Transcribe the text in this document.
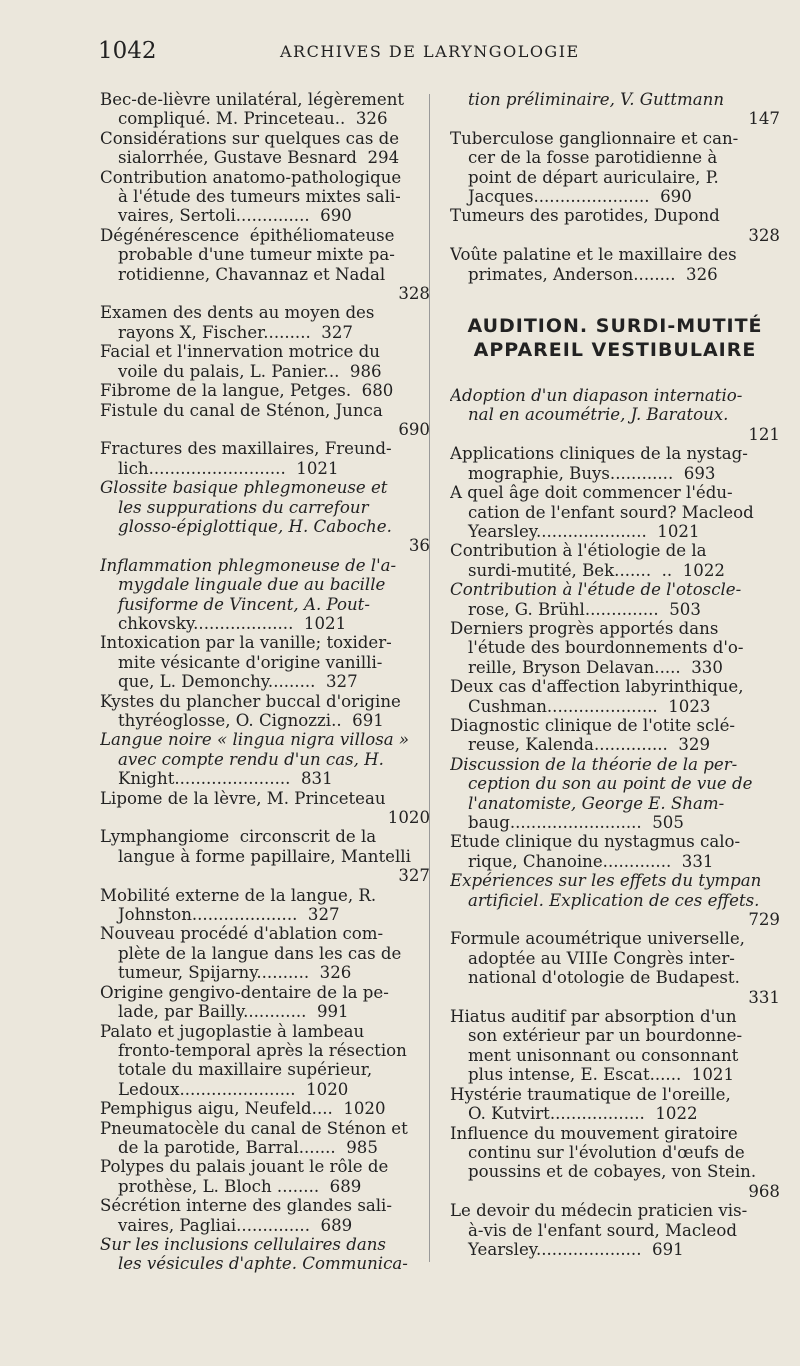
1042	ARCHIVES DE LARYNGOLOGIE
Bec-de-lièvre unilatéral, légèrement
compliqué. M. Princeteau..  326
Considérations sur quelques cas de
sialorrhée, Gustave Besnard  294
Contribution anatomo-pathologique
à l'étude des tumeurs mixtes sali-
vaires, Sertoli..............  690
Dégénérescence  épithéliomateuse
probable d'une tumeur mixte pa-
rotidienne, Chavannaz et Nadal
328
Examen des dents au moyen des
rayons X, Fischer.........  327
Facial et l'innervation motrice du
voile du palais, L. Panier...  986
Fibrome de la langue, Petges.  680
Fistule du canal de Sténon, Junca
690
Fractures des maxillaires, Freund-
lich..........................  1021
Glossite basique phlegmoneuse et
les suppurations du carrefour
glosso-épiglottique, H. Caboche.
36
Inflammation phlegmoneuse de l'a-
mygdale linguale due au bacille
fusiforme de Vincent, A. Pout-
chkovsky...................  1021
Intoxication par la vanille; toxider-
mite vésicante d'origine vanilli-
que, L. Demonchy.........  327
Kystes du plancher buccal d'origine
thyréoglosse, O. Cignozzi..  691
Langue noire « lingua nigra villosa »
avec compte rendu d'un cas, H.
Knight......................  831
Lipome de la lèvre, M. Princeteau
1020
Lymphangiome  circonscrit de la
langue à forme papillaire, Mantelli
327
Mobilité externe de la langue, R.
Johnston....................  327
Nouveau procédé d'ablation com-
plète de la langue dans les cas de
tumeur, Spijarny..........  326
Origine gengivo-dentaire de la pe-
lade, par Bailly............  991
Palato et jugoplastie à lambeau
fronto-temporal après la résection
totale du maxillaire supérieur,
Ledoux......................  1020
Pemphigus aigu, Neufeld....  1020
Pneumatocèle du canal de Sténon et
de la parotide, Barral.......  985
Polypes du palais jouant le rôle de
prothèse, L. Bloch ........  689
Sécrétion interne des glandes sali-
vaires, Pagliai..............  689
Sur les inclusions cellulaires dans
les vésicules d'aphte. Communica-
tion préliminaire, V. Guttmann
147
Tuberculose ganglionnaire et can-
cer de la fosse parotidienne à
point de départ auriculaire, P.
Jacques......................  690
Tumeurs des parotides, Dupond
328
Voûte palatine et le maxillaire des
primates, Anderson........  326
AUDITION. SURDI-MUTITÉ APPAREIL VESTIBULAIRE
Adoption d'un diapason internatio-
nal en acoumétrie, J. Baratoux.
121
Applications cliniques de la nystag-
mographie, Buys............  693
A quel âge doit commencer l'édu-
cation de l'enfant sourd? Macleod
Yearsley.....................  1021
Contribution à l'étiologie de la
surdi-mutité, Bek.......  ..  1022
Contribution à l'étude de l'otoscle-
rose, G. Brühl..............  503
Derniers progrès apportés dans
l'étude des bourdonnements d'o-
reille, Bryson Delavan.....  330
Deux cas d'affection labyrinthique,
Cushman.....................  1023
Diagnostic clinique de l'otite sclé-
reuse, Kalenda..............  329
Discussion de la théorie de la per-
ception du son au point de vue de
l'anatomiste, George E. Sham-
baug.........................  505
Etude clinique du nystagmus calo-
rique, Chanoine.............  331
Expériences sur les effets du tympan
artificiel. Explication de ces effets.
729
Formule acoumétrique universelle,
adoptée au VIIIe Congrès inter-
national d'otologie de Budapest.
331
Hiatus auditif par absorption d'un
son extérieur par un bourdonne-
ment unisonnant ou consonnant
plus intense, E. Escat......  1021
Hystérie traumatique de l'oreille,
O. Kutvirt..................  1022
Influence du mouvement giratoire
continu sur l'évolution d'œufs de
poussins et de cobayes, von Stein.
968
Le devoir du médecin praticien vis-
à-vis de l'enfant sourd, Macleod
Yearsley....................  691
